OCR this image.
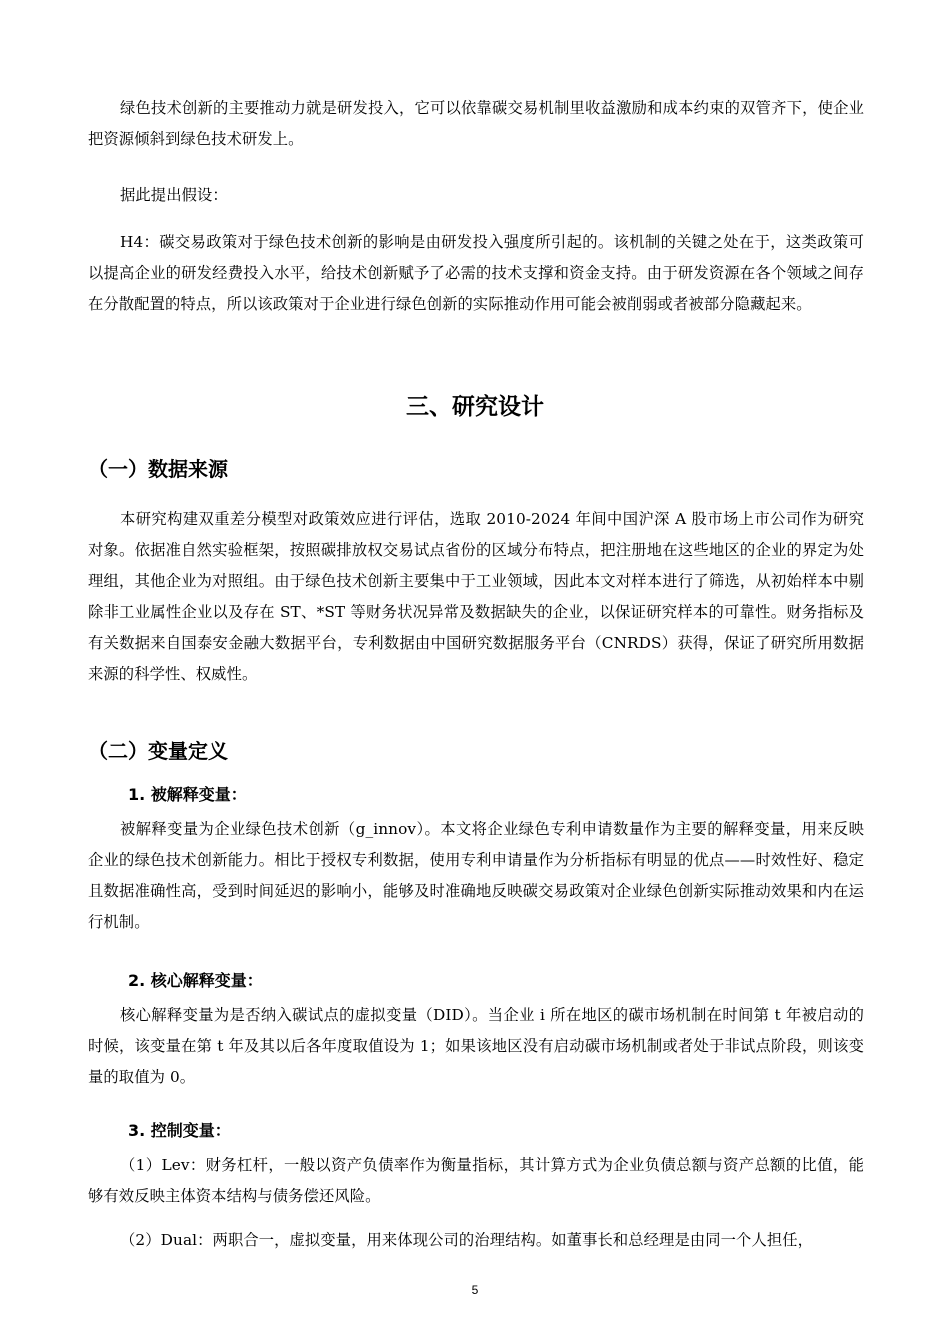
绿色技术创新的主要推动力就是研发投入，它可以依靠碳交易机制里收益激励和成本约束的双管齐下，使企业把资源倾斜到绿色技术研发上。

据此提出假设：

H4：碳交易政策对于绿色技术创新的影响是由研发投入强度所引起的。该机制的关键之处在于，这类政策可以提高企业的研发经费投入水平，给技术创新赋予了必需的技术支撑和资金支持。由于研发资源在各个领域之间存在分散配置的特点，所以该政策对于企业进行绿色创新的实际推动作用可能会被削弱或者被部分隐藏起来。

三、研究设计
（一）数据来源

本研究构建双重差分模型对政策效应进行评估，选取 2010-2024 年间中国沪深 A 股市场上市公司作为研究对象。依据准自然实验框架，按照碳排放权交易试点省份的区域分布特点，把注册地在这些地区的企业的界定为处理组，其他企业为对照组。由于绿色技术创新主要集中于工业领域，因此本文对样本进行了筛选，从初始样本中剔除非工业属性企业以及存在 ST、*ST 等财务状况异常及数据缺失的企业，以保证研究样本的可靠性。财务指标及有关数据来自国泰安金融大数据平台，专利数据由中国研究数据服务平台（CNRDS）获得，保证了研究所用数据来源的科学性、权威性。

（二）变量定义
1. 被解释变量：

被解释变量为企业绿色技术创新（g_innov）。本文将企业绿色专利申请数量作为主要的解释变量，用来反映企业的绿色技术创新能力。相比于授权专利数据，使用专利申请量作为分析指标有明显的优点——时效性好、稳定且数据准确性高，受到时间延迟的影响小，能够及时准确地反映碳交易政策对企业绿色创新实际推动效果和内在运行机制。

2. 核心解释变量：

核心解释变量为是否纳入碳试点的虚拟变量（DID）。当企业 i 所在地区的碳市场机制在时间第 t 年被启动的时候，该变量在第 t 年及其以后各年度取值设为 1；如果该地区没有启动碳市场机制或者处于非试点阶段，则该变量的取值为 0。

3. 控制变量：

（1）Lev：财务杠杆，一般以资产负债率作为衡量指标，其计算方式为企业负债总额与资产总额的比值，能够有效反映主体资本结构与债务偿还风险。

（2）Dual：两职合一，虚拟变量，用来体现公司的治理结构。如董事长和总经理是由同一个人担任，

5
